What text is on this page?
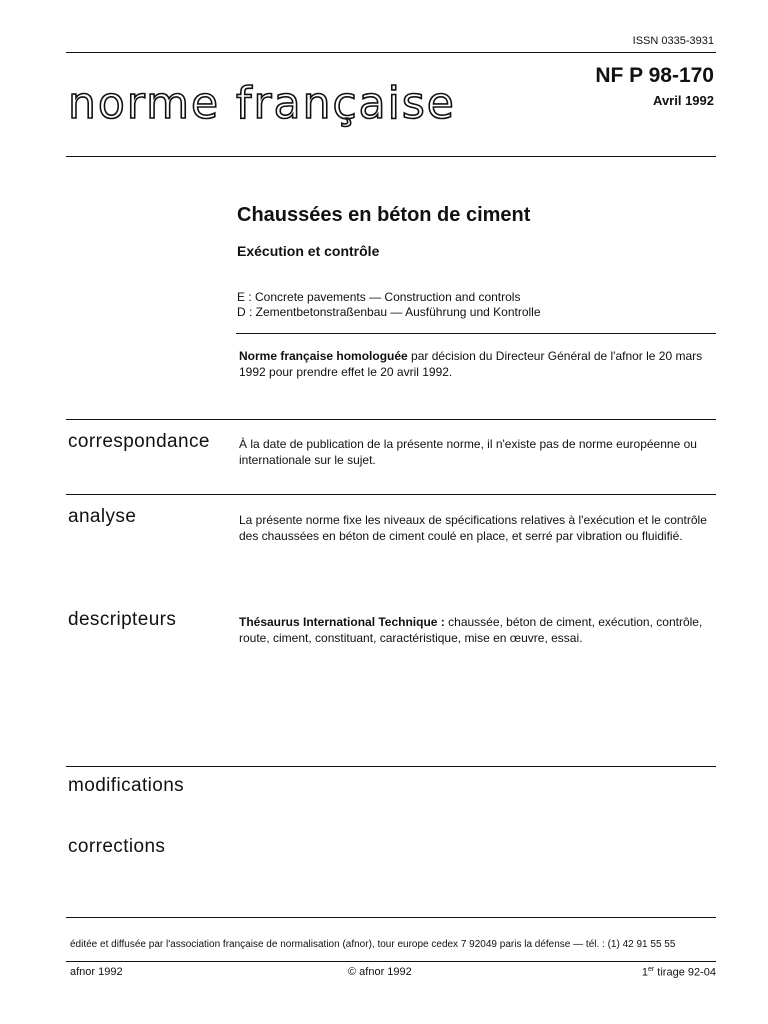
ISSN 0335-3931
norme française
NF P 98-170
Avril 1992
Chaussées en béton de ciment
Exécution et contrôle
E : Concrete pavements — Construction and controls
D : Zementbetonstraßenbau — Ausführung und Kontrolle
Norme française homologuée par décision du Directeur Général de l'afnor le 20 mars 1992 pour prendre effet le 20 avril 1992.
correspondance À la date de publication de la présente norme, il n'existe pas de norme européenne ou internationale sur le sujet.
analyse	La présente norme fixe les niveaux de spécifications relatives à l'exécution et le contrôle des chaussées en béton de ciment coulé en place, et serré par vibration ou fluidifié.
descripteurs	Thésaurus International Technique : chaussée, béton de ciment, exécution, contrôle, route, ciment, constituant, caractéristique, mise en œuvre, essai.
modifications
corrections
éditée et diffusée par l'association française de normalisation (afnor), tour europe cedex 7 92049 paris la défense — tél. : (1) 42 91 55 55
afnor 1992	© afnor 1992	1er tirage 92-04
